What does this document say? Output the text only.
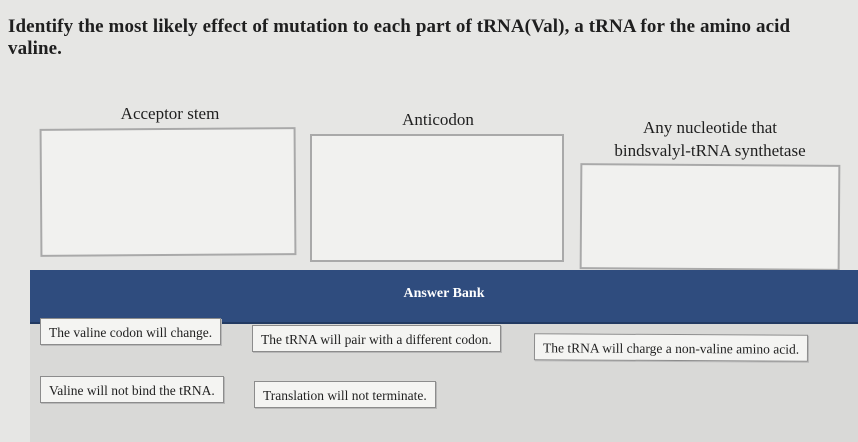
Identify the most likely effect of mutation to each part of tRNA(Val), a tRNA for the amino acid valine.
Acceptor stem	Anticodon	Any nucleotide that
bindsvalyl-tRNA synthetase
Answer Bank
The valine codon will change.	The tRNA will pair with a different codon.
The tRNA will charge a non-valine amino acid.
Valine will not bind the tRNA.	Translation will not terminate.
